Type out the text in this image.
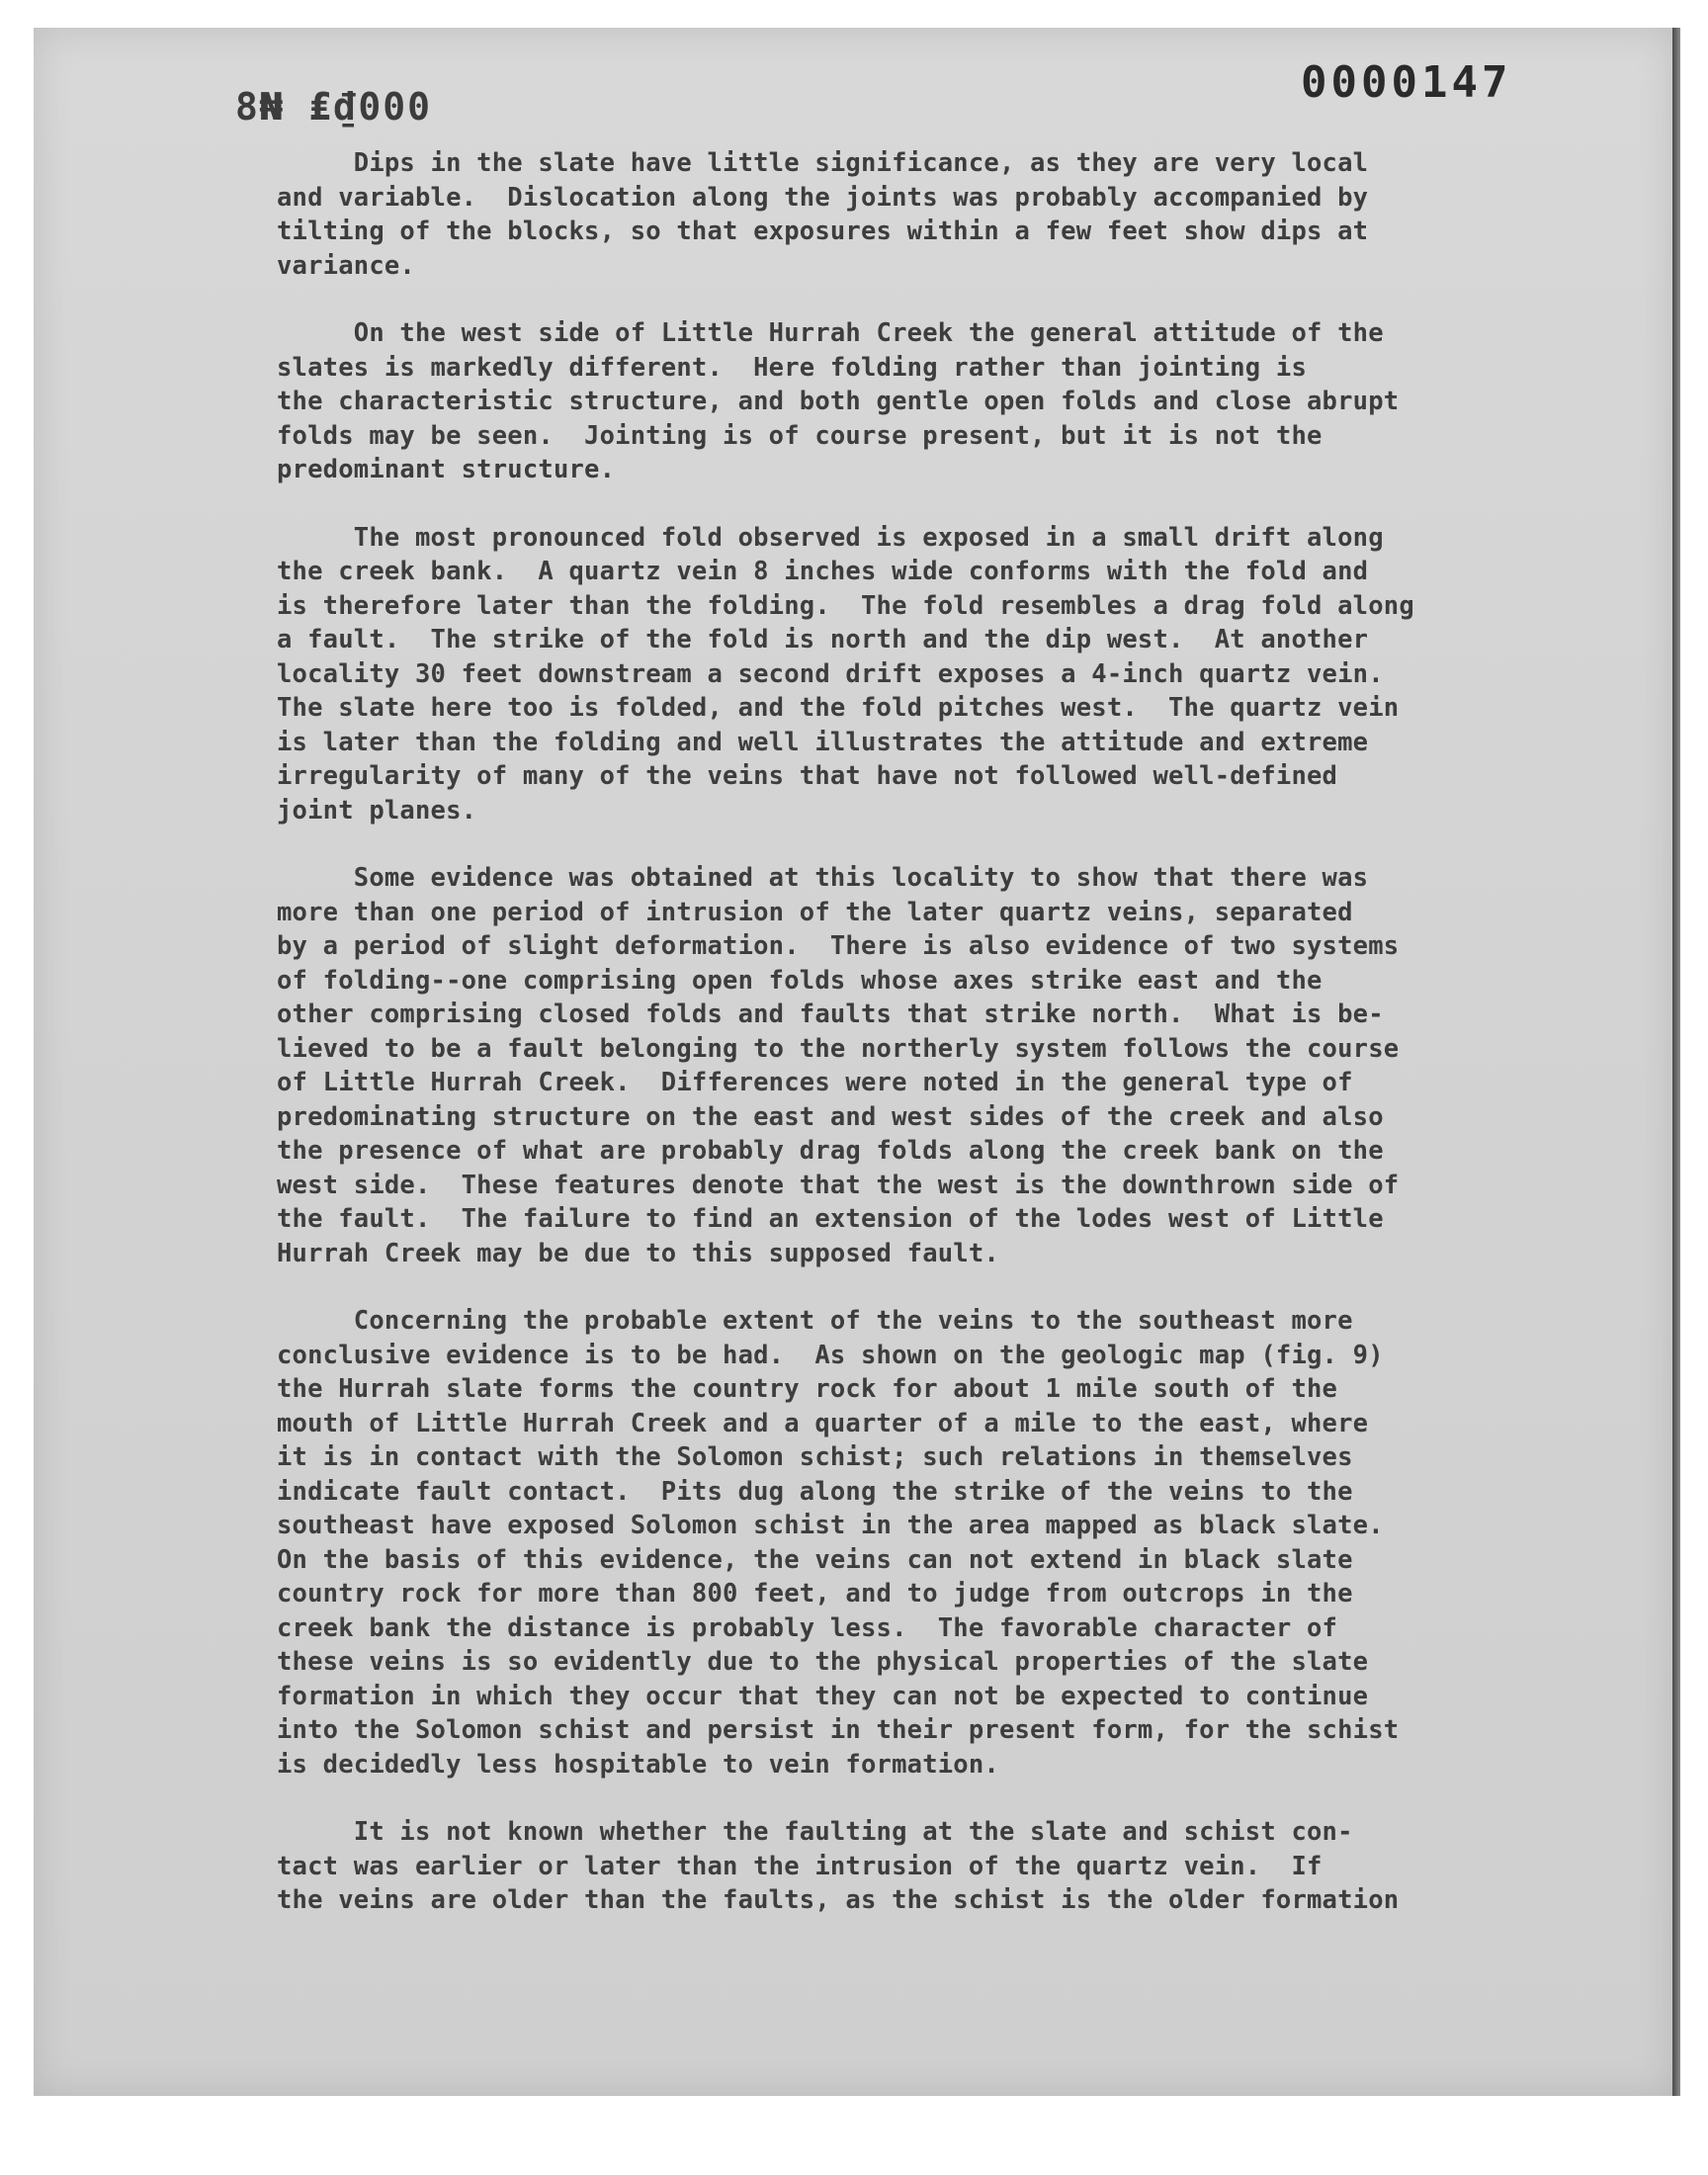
8₦ ₤₫000	0000147
Dips in the slate have little significance, as they are very local
and variable.  Dislocation along the joints was probably accompanied by
tilting of the blocks, so that exposures within a few feet show dips at
variance.
On the west side of Little Hurrah Creek the general attitude of the
slates is markedly different.  Here folding rather than jointing is
the characteristic structure, and both gentle open folds and close abrupt
folds may be seen.  Jointing is of course present, but it is not the
predominant structure.
The most pronounced fold observed is exposed in a small drift along
the creek bank.  A quartz vein 8 inches wide conforms with the fold and
is therefore later than the folding.  The fold resembles a drag fold along
a fault.  The strike of the fold is north and the dip west.  At another
locality 30 feet downstream a second drift exposes a 4-inch quartz vein.
The slate here too is folded, and the fold pitches west.  The quartz vein
is later than the folding and well illustrates the attitude and extreme
irregularity of many of the veins that have not followed well-defined
joint planes.
Some evidence was obtained at this locality to show that there was
more than one period of intrusion of the later quartz veins, separated
by a period of slight deformation.  There is also evidence of two systems
of folding--one comprising open folds whose axes strike east and the
other comprising closed folds and faults that strike north.  What is be-
lieved to be a fault belonging to the northerly system follows the course
of Little Hurrah Creek.  Differences were noted in the general type of
predominating structure on the east and west sides of the creek and also
the presence of what are probably drag folds along the creek bank on the
west side.  These features denote that the west is the downthrown side of
the fault.  The failure to find an extension of the lodes west of Little
Hurrah Creek may be due to this supposed fault.
Concerning the probable extent of the veins to the southeast more
conclusive evidence is to be had.  As shown on the geologic map (fig. 9)
the Hurrah slate forms the country rock for about 1 mile south of the
mouth of Little Hurrah Creek and a quarter of a mile to the east, where
it is in contact with the Solomon schist; such relations in themselves
indicate fault contact.  Pits dug along the strike of the veins to the
southeast have exposed Solomon schist in the area mapped as black slate.
On the basis of this evidence, the veins can not extend in black slate
country rock for more than 800 feet, and to judge from outcrops in the
creek bank the distance is probably less.  The favorable character of
these veins is so evidently due to the physical properties of the slate
formation in which they occur that they can not be expected to continue
into the Solomon schist and persist in their present form, for the schist
is decidedly less hospitable to vein formation.
It is not known whether the faulting at the slate and schist con-
tact was earlier or later than the intrusion of the quartz vein.  If
the veins are older than the faults, as the schist is the older formation
